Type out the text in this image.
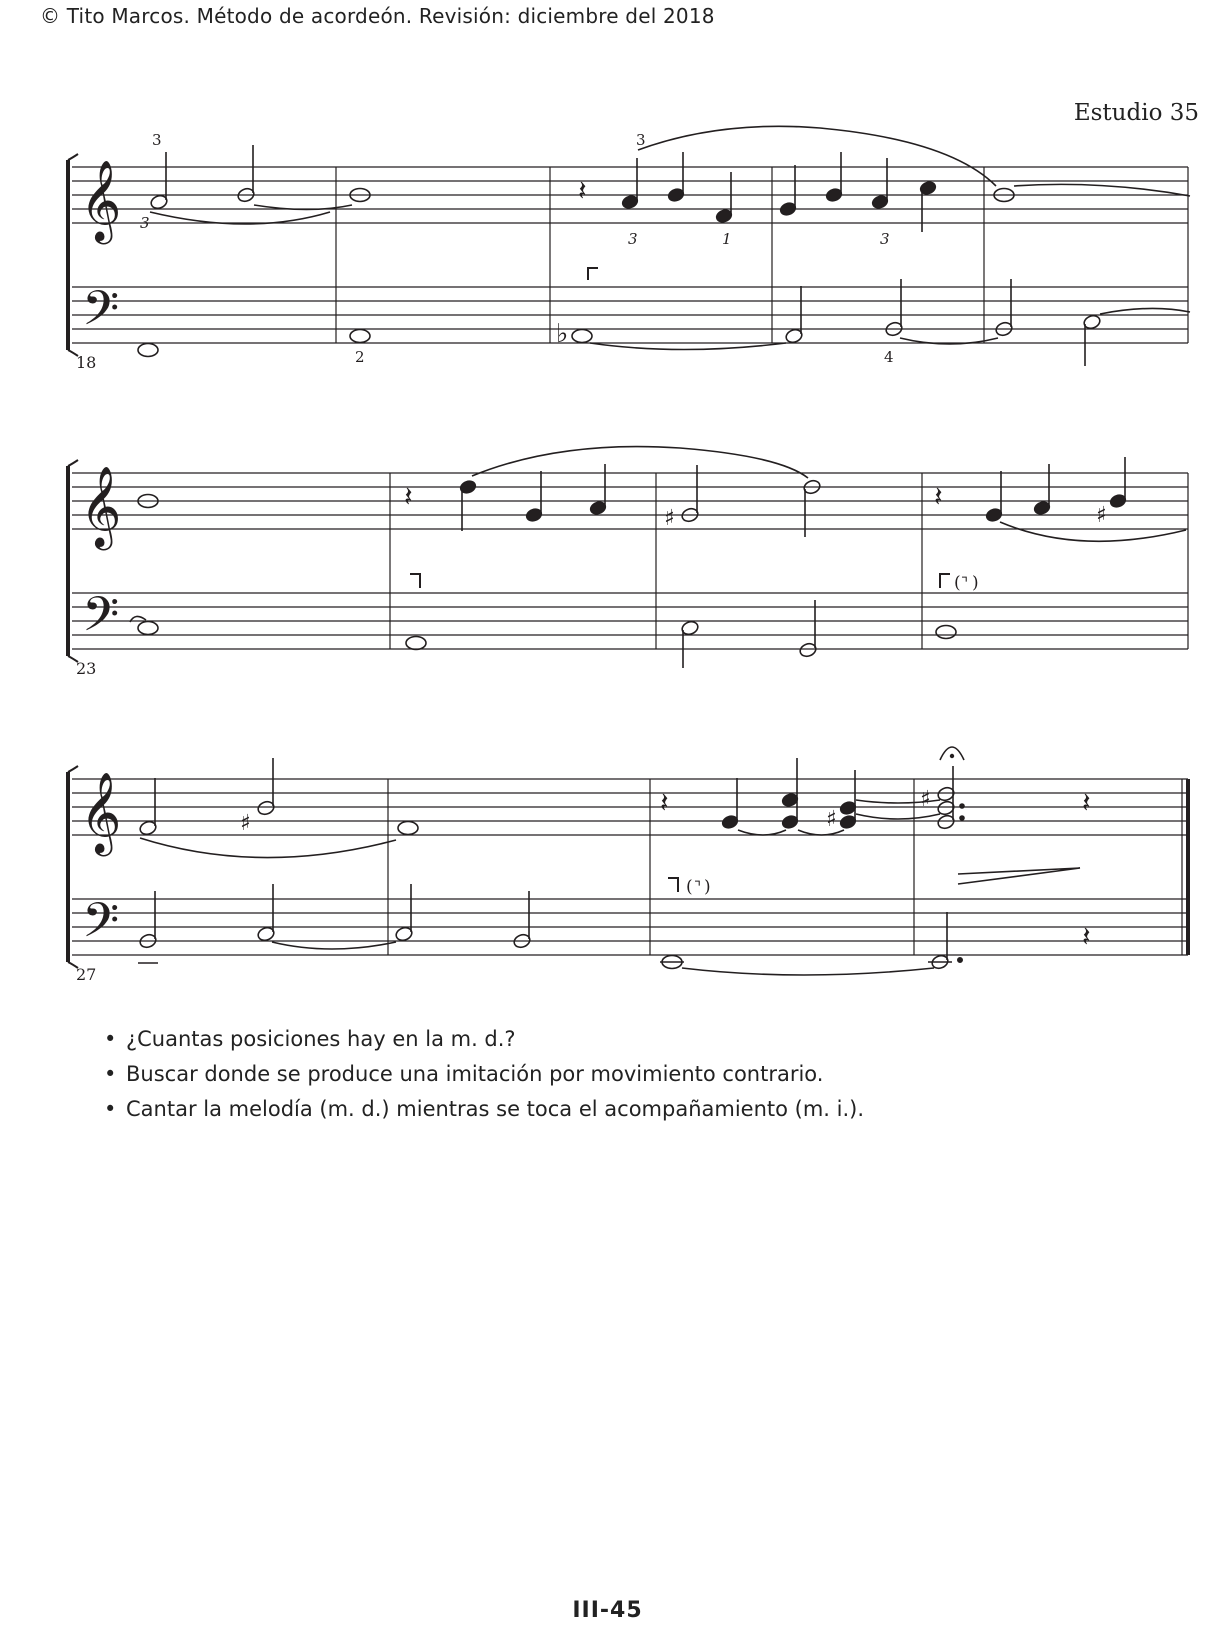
© Tito Marcos. Método de acordeón. Revisión: diciembre del 2018
Estudio 35
𝄞
𝄢
𝄞
𝄢
𝄞
𝄢
𝄽
♭
3
3
3
3	1	3
2	4
18
𝄽
♯
𝄽
♯
( ⌝ )
23
♯
𝄽
♯
♯	𝄽
𝄽
( ⌝ )
27
• ¿Cuantas posiciones hay en la m. d.?
• Buscar donde se produce una imitación por movimiento contrario.
• Cantar la melodía (m. d.) mientras se toca el acompañamiento (m. i.).
III-45
